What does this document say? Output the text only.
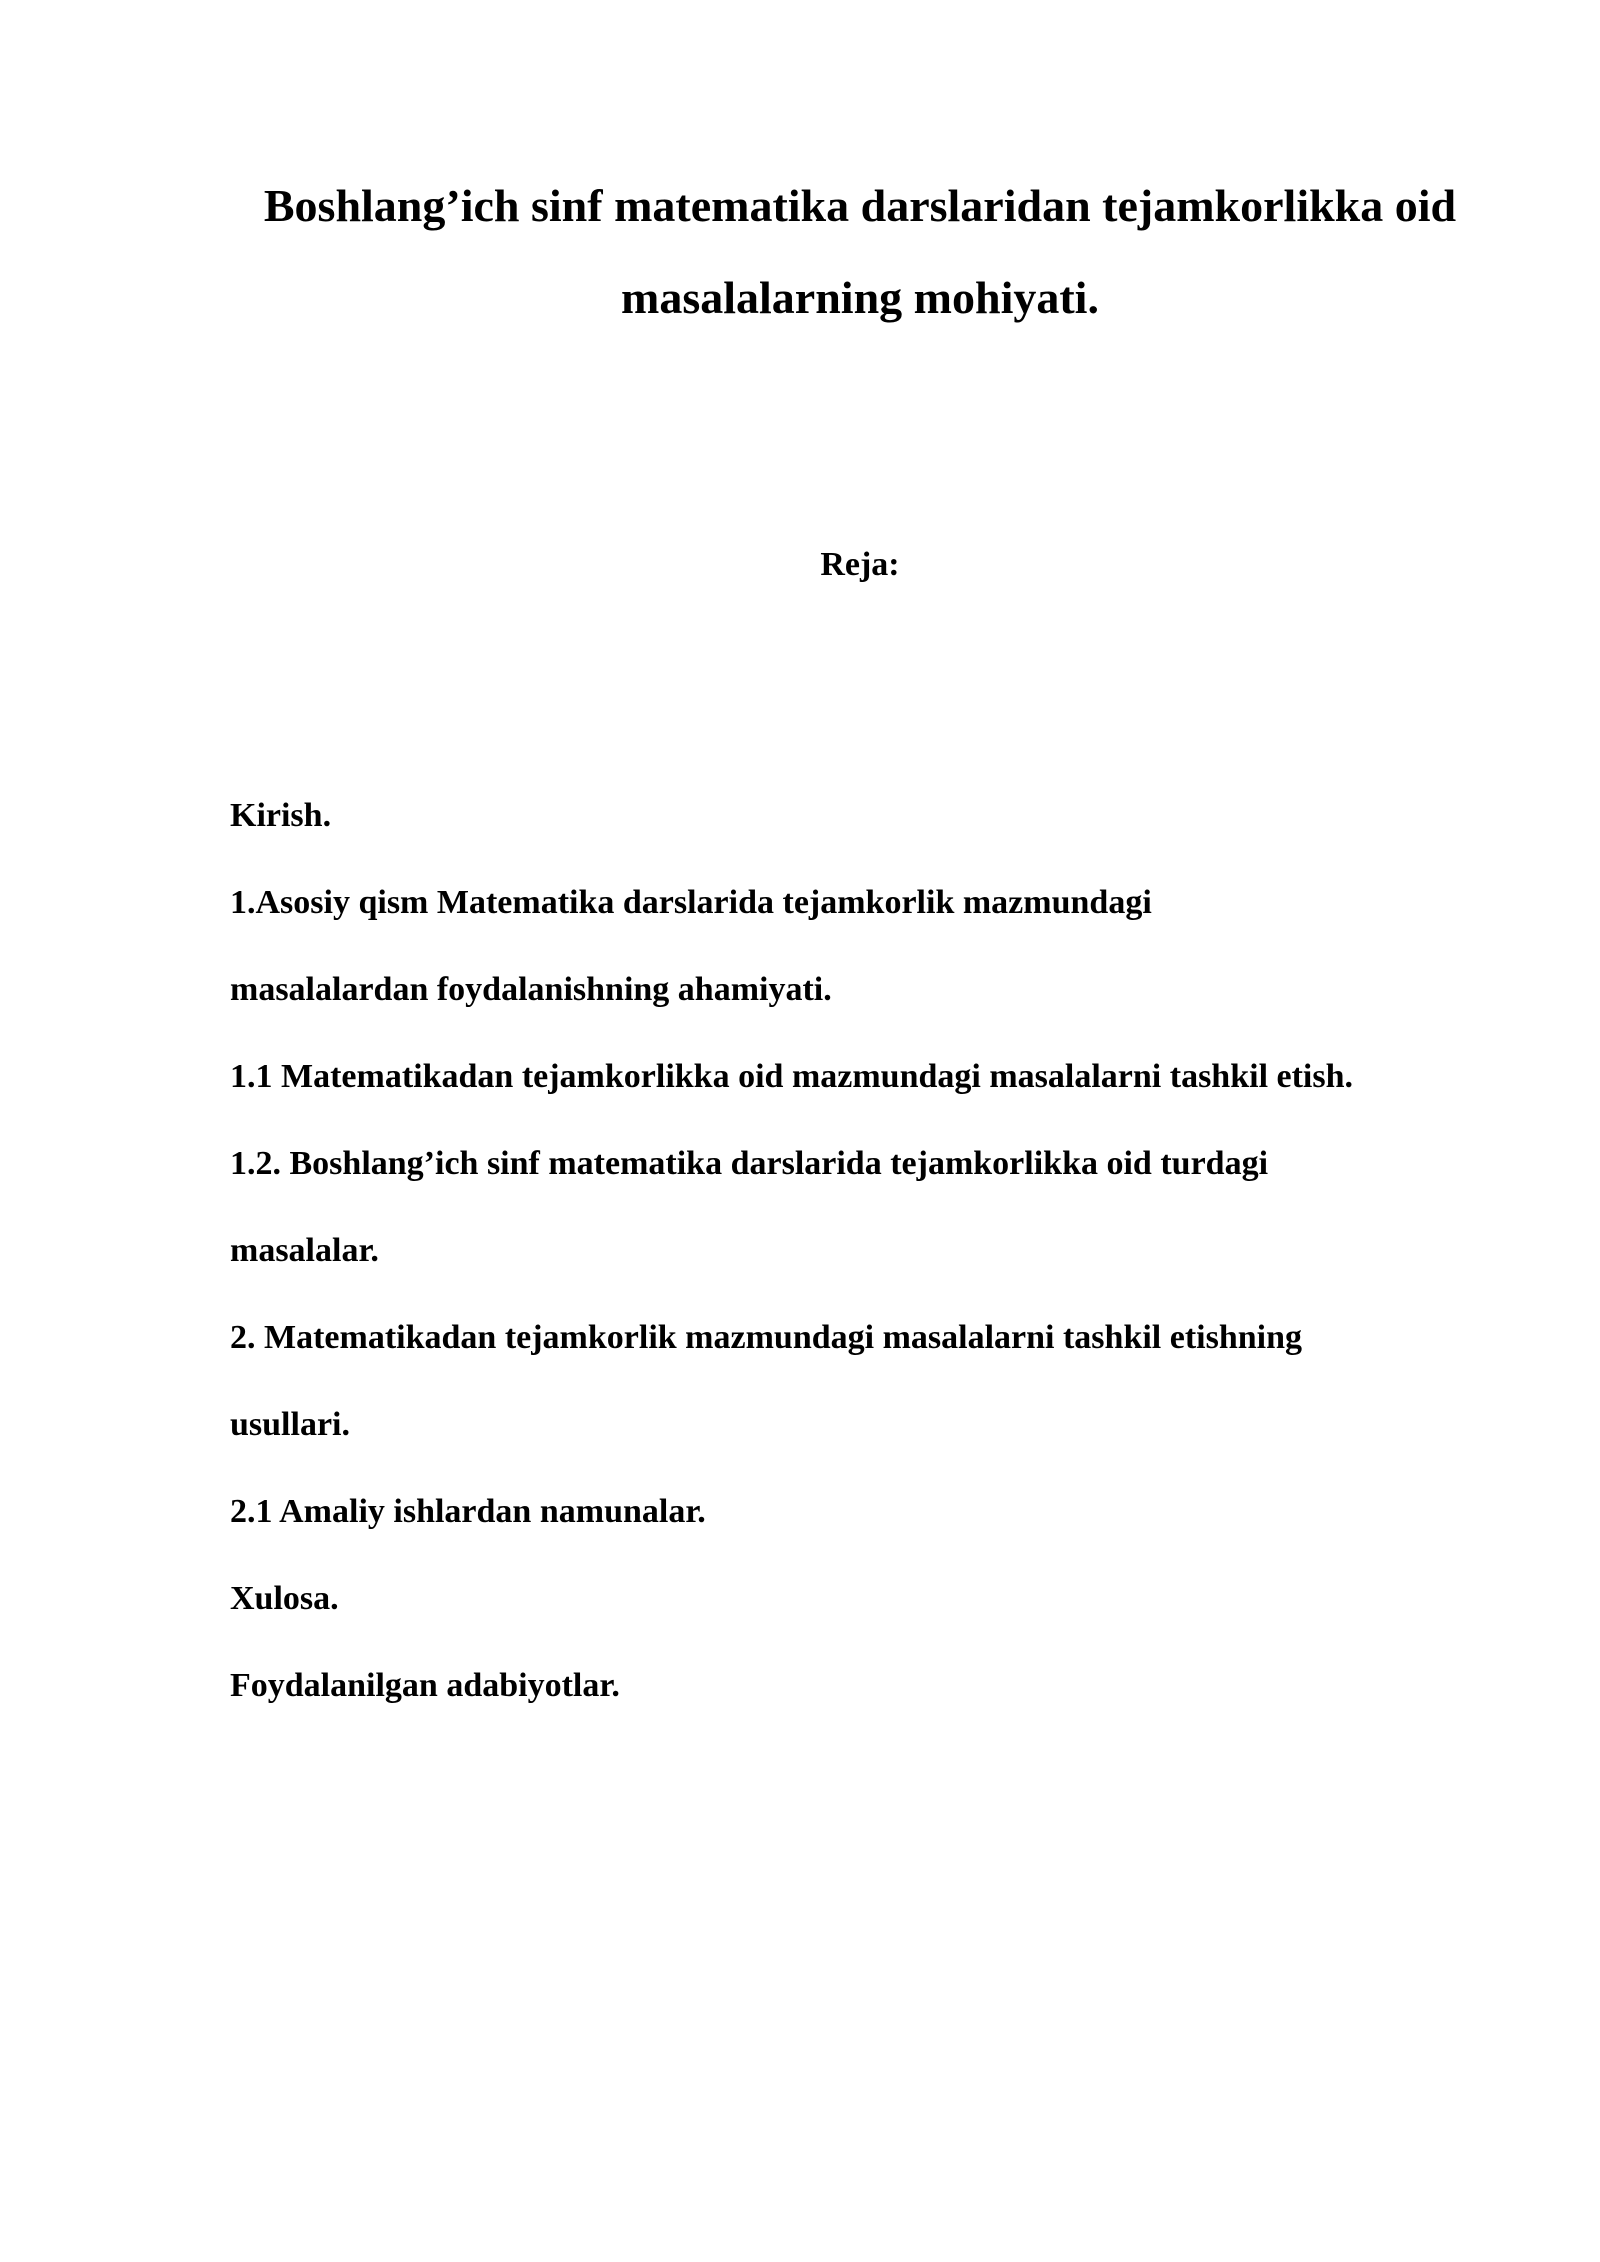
Boshlang’ich sinf matematika darslaridan tejamkorlikka oid
masalalarning mohiyati.
Reja:
Kirish.
1.Asosiy qism Matematika darslarida tejamkorlik mazmundagi
masalalardan foydalanishning ahamiyati.
1.1 Matematikadan tejamkorlikka oid mazmundagi masalalarni tashkil etish.
1.2. Boshlang’ich sinf matematika darslarida tejamkorlikka oid turdagi
masalalar.
2. Matematikadan tejamkorlik mazmundagi masalalarni tashkil etishning
usullari.
2.1 Amaliy ishlardan namunalar.
Xulosa.
Foydalanilgan adabiyotlar.
